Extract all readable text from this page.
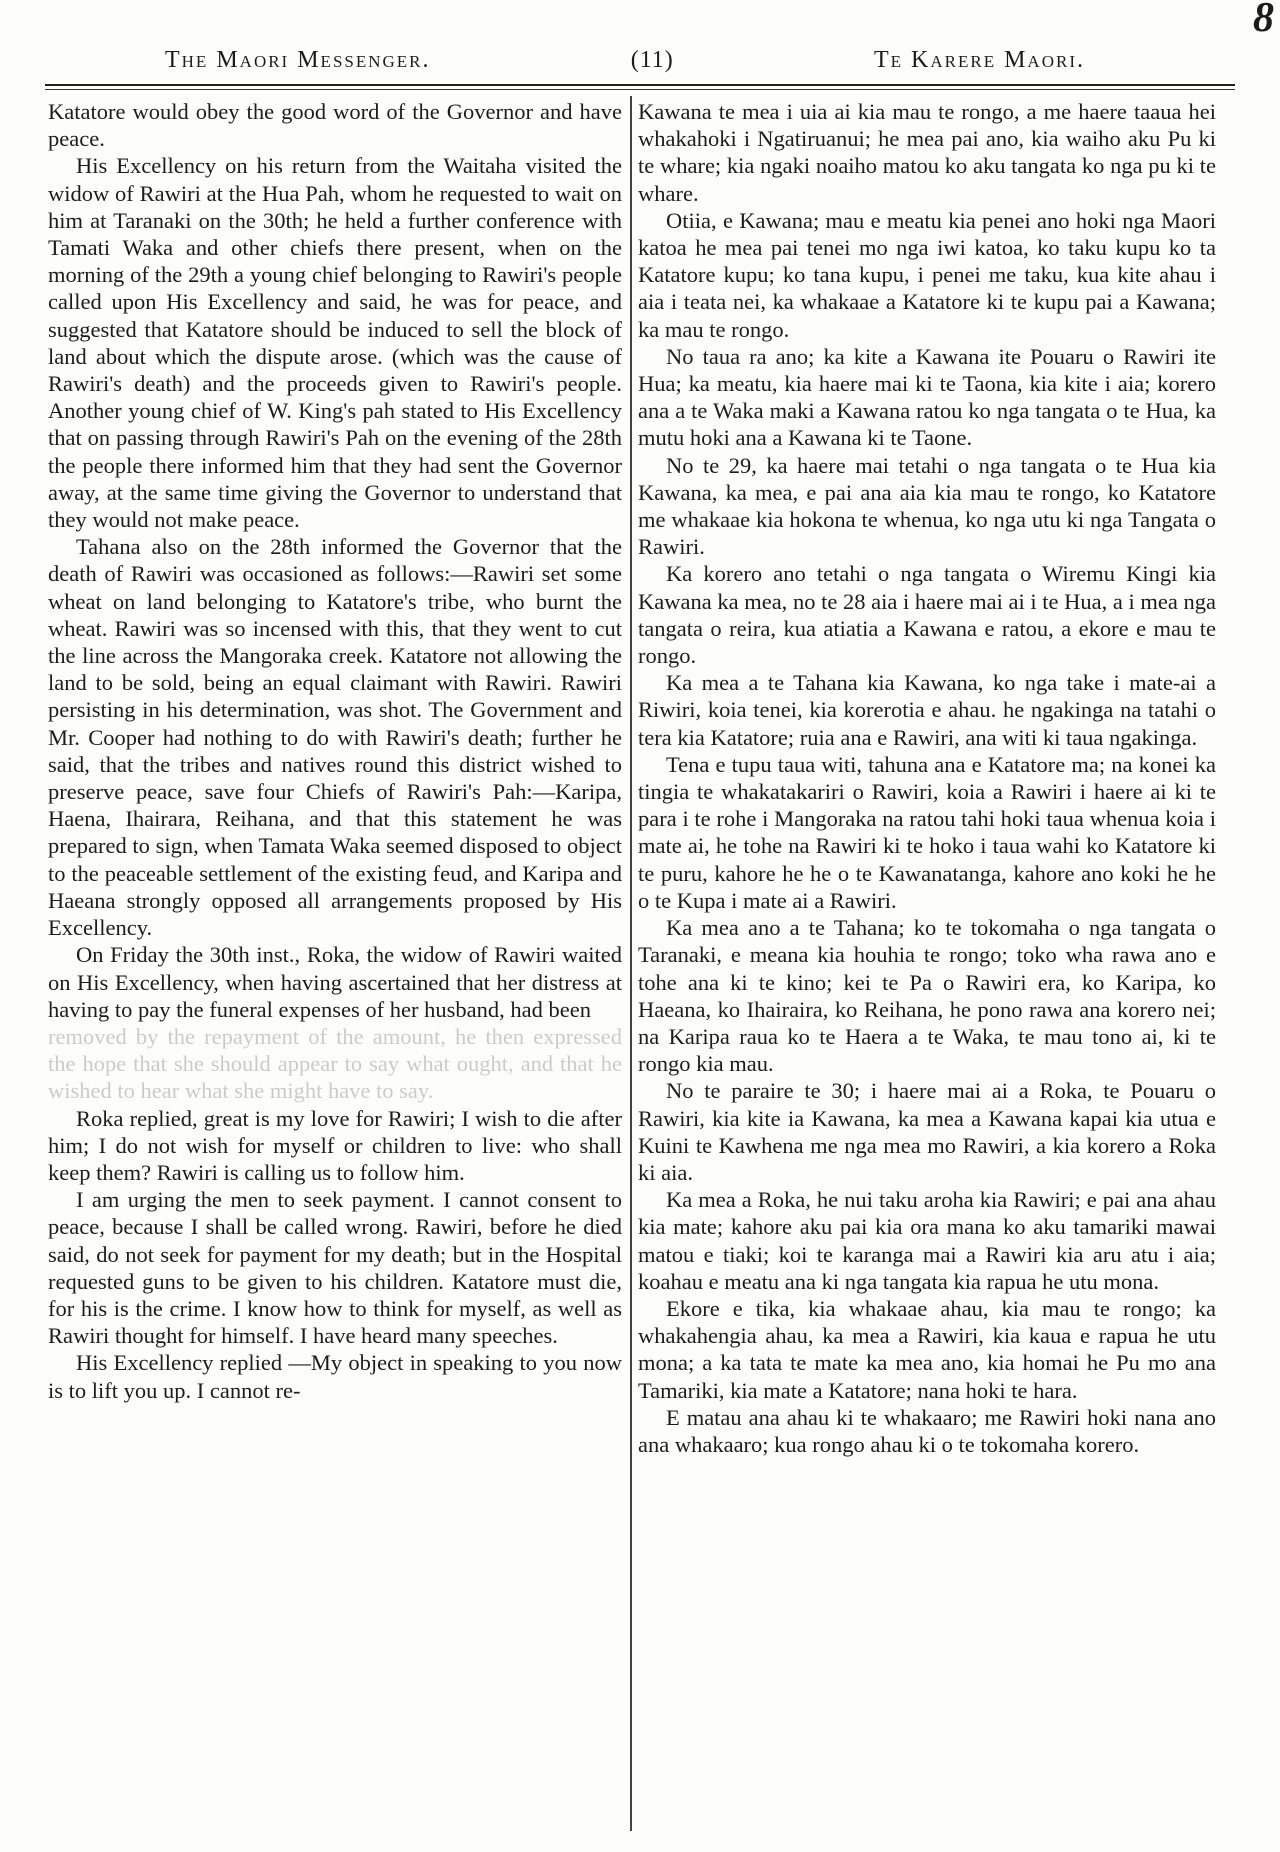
8
The Maori Messenger.	(11)	Te Karere Maori.

Katatore would obey the good word of the Governor and have peace.

His Excellency on his return from the Waitaha visited the widow of Rawiri at the Hua Pah, whom he requested to wait on him at Taranaki on the 30th; he held a further conference with Tamati Waka and other chiefs there present, when on the morning of the 29th a young chief belonging to Rawiri's people called upon His Excellency and said, he was for peace, and suggested that Katatore should be induced to sell the block of land about which the dispute arose. (which was the cause of Rawiri's death) and the proceeds given to Rawiri's people. Another young chief of W. King's pah stated to His Excellency that on passing through Rawiri's Pah on the evening of the 28th the people there informed him that they had sent the Governor away, at the same time giving the Governor to understand that they would not make peace.

Tahana also on the 28th informed the Governor that the death of Rawiri was occasioned as follows:—Rawiri set some wheat on land belonging to Katatore's tribe, who burnt the wheat. Rawiri was so incensed with this, that they went to cut the line across the Mangoraka creek. Katatore not allowing the land to be sold, being an equal claimant with Rawiri. Rawiri persisting in his determination, was shot. The Government and Mr. Cooper had nothing to do with Rawiri's death; further he said, that the tribes and natives round this district wished to preserve peace, save four Chiefs of Rawiri's Pah:—Karipa, Haena, Ihairara, Reihana, and that this statement he was prepared to sign, when Tamata Waka seemed disposed to object to the peaceable settlement of the existing feud, and Karipa and Haeana strongly opposed all arrangements proposed by His Excellency.

On Friday the 30th inst., Roka, the widow of Rawiri waited on His Excellency, when having ascertained that her distress at having to pay the funeral expenses of her husband, had been

removed by the repayment of the amount, he then expressed the hope that she should appear to say what ought, and that he wished to hear what she might have to say.

Roka replied, great is my love for Rawiri; I wish to die after him; I do not wish for myself or children to live: who shall keep them? Rawiri is calling us to follow him.

I am urging the men to seek payment. I cannot consent to peace, because I shall be called wrong. Rawiri, before he died said, do not seek for payment for my death; but in the Hospital requested guns to be given to his children. Katatore must die, for his is the crime. I know how to think for myself, as well as Rawiri thought for himself. I have heard many speeches.

His Excellency replied —My object in speaking to you now is to lift you up. I cannot re-

Kawana te mea i uia ai kia mau te rongo, a me haere taaua hei whakahoki i Ngatiruanui; he mea pai ano, kia waiho aku Pu ki te whare; kia ngaki noaiho matou ko aku tangata ko nga pu ki te whare.

Otiia, e Kawana; mau e meatu kia penei ano hoki nga Maori katoa he mea pai tenei mo nga iwi katoa, ko taku kupu ko ta Katatore kupu; ko tana kupu, i penei me taku, kua kite ahau i aia i teata nei, ka whakaae a Katatore ki te kupu pai a Kawana; ka mau te rongo.

No taua ra ano; ka kite a Kawana ite Pouaru o Rawiri ite Hua; ka meatu, kia haere mai ki te Taona, kia kite i aia; korero ana a te Waka maki a Kawana ratou ko nga tangata o te Hua, ka mutu hoki ana a Kawana ki te Taone.

No te 29, ka haere mai tetahi o nga tangata o te Hua kia Kawana, ka mea, e pai ana aia kia mau te rongo, ko Katatore me whakaae kia hokona te whenua, ko nga utu ki nga Tangata o Rawiri.

Ka korero ano tetahi o nga tangata o Wiremu Kingi kia Kawana ka mea, no te 28 aia i haere mai ai i te Hua, a i mea nga tangata o reira, kua atiatia a Kawana e ratou, a ekore e mau te rongo.

Ka mea a te Tahana kia Kawana, ko nga take i mate-ai a Riwiri, koia tenei, kia korerotia e ahau. he ngakinga na tatahi o tera kia Katatore; ruia ana e Rawiri, ana witi ki taua ngakinga.

Tena e tupu taua witi, tahuna ana e Katatore ma; na konei ka tingia te whakatakariri o Rawiri, koia a Rawiri i haere ai ki te para i te rohe i Mangoraka na ratou tahi hoki taua whenua koia i mate ai, he tohe na Rawiri ki te hoko i taua wahi ko Katatore ki te puru, kahore he he o te Kawanatanga, kahore ano koki he he o te Kupa i mate ai a Rawiri.

Ka mea ano a te Tahana; ko te tokomaha o nga tangata o Taranaki, e meana kia houhia te rongo; toko wha rawa ano e tohe ana ki te kino; kei te Pa o Rawiri era, ko Karipa, ko Haeana, ko Ihairaira, ko Reihana, he pono rawa ana korero nei; na Karipa raua ko te Haera a te Waka, te mau tono ai, ki te rongo kia mau.

No te paraire te 30; i haere mai ai a Roka, te Pouaru o Rawiri, kia kite ia Kawana, ka mea a Kawana kapai kia utua e Kuini te Kawhena me nga mea mo Rawiri, a kia korero a Roka ki aia.

Ka mea a Roka, he nui taku aroha kia Rawiri; e pai ana ahau kia mate; kahore aku pai kia ora mana ko aku tamariki mawai matou e tiaki; koi te karanga mai a Rawiri kia aru atu i aia; koahau e meatu ana ki nga tangata kia rapua he utu mona.

Ekore e tika, kia whakaae ahau, kia mau te rongo; ka whakahengia ahau, ka mea a Rawiri, kia kaua e rapua he utu mona; a ka tata te mate ka mea ano, kia homai he Pu mo ana Tamariki, kia mate a Katatore; nana hoki te hara.

E matau ana ahau ki te whakaaro; me Rawiri hoki nana ano ana whakaaro; kua rongo ahau ki o te tokomaha korero.
